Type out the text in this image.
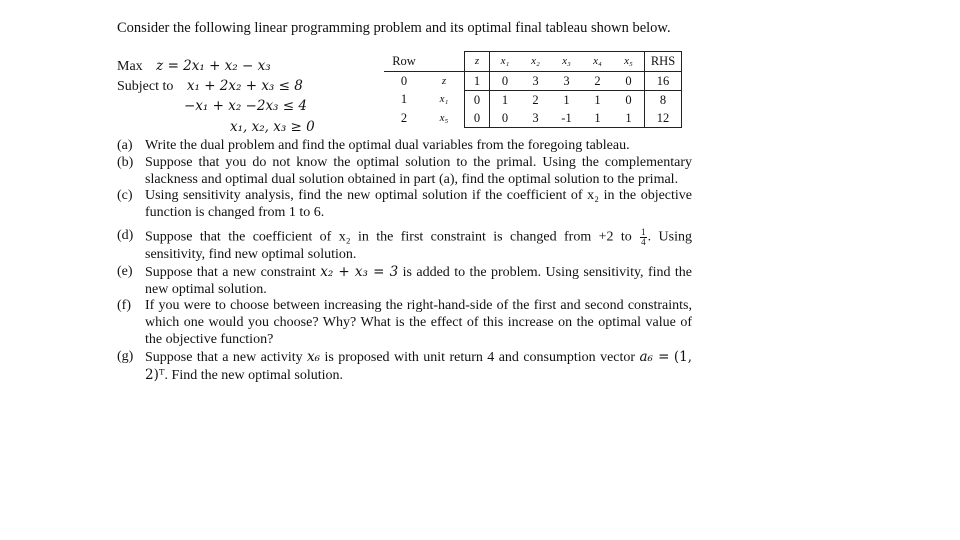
Consider the following linear programming problem and its optimal final tableau shown below.
Max z = 2x₁ + x₂ − x₃
Subject to x₁ + 2x₂ + x₃ ≤ 8
−x₁ + x₂ −2x₃ ≤ 4
x₁, x₂, x₃ ≥ 0
Row		z	x₁	x₂	x₃	x₄	x₅	RHS
0	z	1	0	3	3	2	0	16
1	x₁	0	1	2	1	1	0	8
2	x₅	0	0	3	-1	1	1	12

(a) Write the dual problem and find the optimal dual variables from the foregoing tableau.

(b) Suppose that you do not know the optimal solution to the primal. Using the complementary slackness and optimal dual solution obtained in part (a), find the optimal solution to the primal.

(c) Using sensitivity analysis, find the new optimal solution if the coefficient of x₂ in the objective function is changed from 1 to 6.

(d) Suppose that the coefficient of x₂ in the first constraint is changed from +2 to $\frac{1}{4}$ . Using sensitivity, find new optimal solution.

(e) Suppose that a new constraint x₂ + x₃ = 3 is added to the problem. Using sensitivity, find the new optimal solution.

(f) If you were to choose between increasing the right-hand-side of the first and second constraints, which one would you choose? Why? What is the effect of this increase on the optimal value of the objective function?

(g) Suppose that a new activity x₆ is proposed with unit return 4 and consumption vector a₆ = (1, 2)ᵀ. Find the new optimal solution.
